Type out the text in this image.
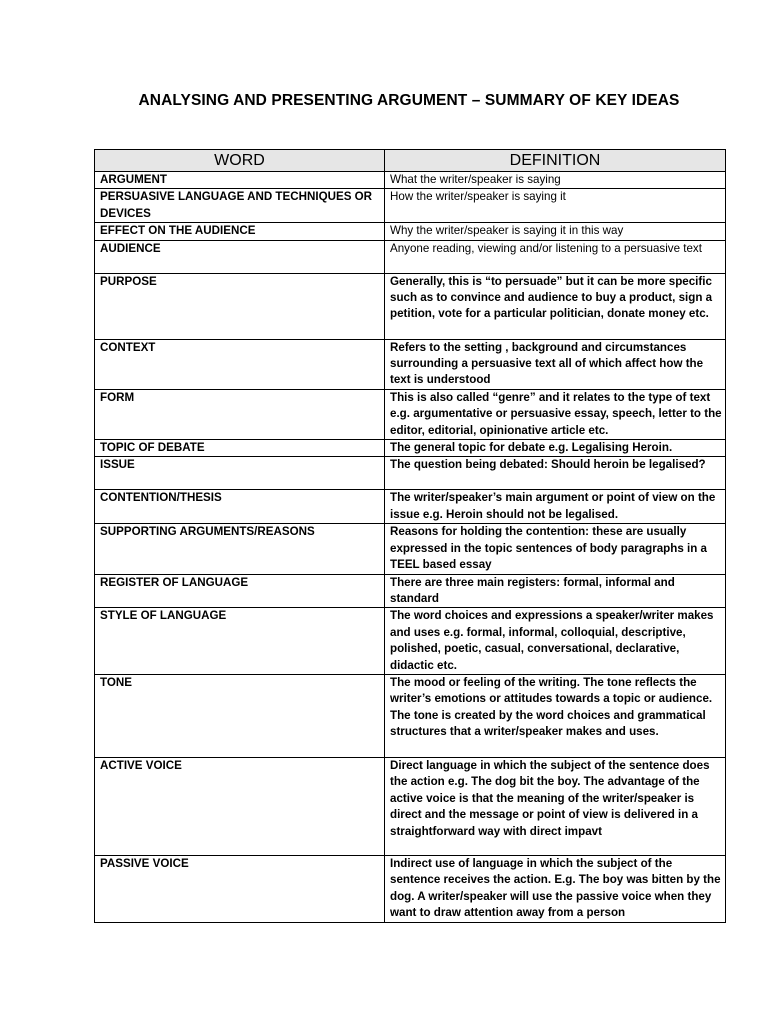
ANALYSING AND PRESENTING ARGUMENT – SUMMARY OF KEY IDEAS
WORD	DEFINITION
ARGUMENT	What the writer/speaker is saying
PERSUASIVE LANGUAGE AND TECHNIQUES OR DEVICES	How the writer/speaker is saying it
EFFECT ON THE AUDIENCE	Why the writer/speaker is saying it in this way
AUDIENCE	Anyone reading, viewing and/or listening to a persuasive text
PURPOSE	Generally, this is “to persuade” but it can be more specific such as to convince and audience to buy a product, sign a petition, vote for a particular politician, donate money etc.
CONTEXT	Refers to the setting , background and circumstances surrounding a persuasive text all of which affect how the text is understood
FORM	This is also called “genre” and it relates to the type of text e.g. argumentative or persuasive essay, speech, letter to the editor, editorial, opinionative article etc.
TOPIC OF DEBATE	The general topic for debate e.g. Legalising Heroin.
ISSUE	The question being debated: Should heroin be legalised?
CONTENTION/THESIS	The writer/speaker’s main argument or point of view on the issue e.g. Heroin should not be legalised.
SUPPORTING ARGUMENTS/REASONS	Reasons for holding the contention: these are usually expressed in the topic sentences of body paragraphs in a TEEL based essay
REGISTER OF LANGUAGE	There are three main registers: formal, informal and standard
STYLE OF LANGUAGE	The word choices and expressions a speaker/writer makes and uses e.g. formal, informal, colloquial, descriptive, polished, poetic, casual, conversational, declarative, didactic etc.
TONE	The mood or feeling of the writing. The tone reflects the writer’s emotions or attitudes towards a topic or audience. The tone is created by the word choices and grammatical structures that a writer/speaker makes and uses.
ACTIVE VOICE	Direct language in which the subject of the sentence does the action e.g. The dog bit the boy. The advantage of the active voice is that the meaning of the writer/speaker is direct and the message or point of view is delivered in a straightforward way with direct impavt
PASSIVE VOICE	Indirect use of language in which the subject of the sentence receives the action. E.g. The boy was bitten by the dog. A writer/speaker will use the passive voice when they want to draw attention away from a person
